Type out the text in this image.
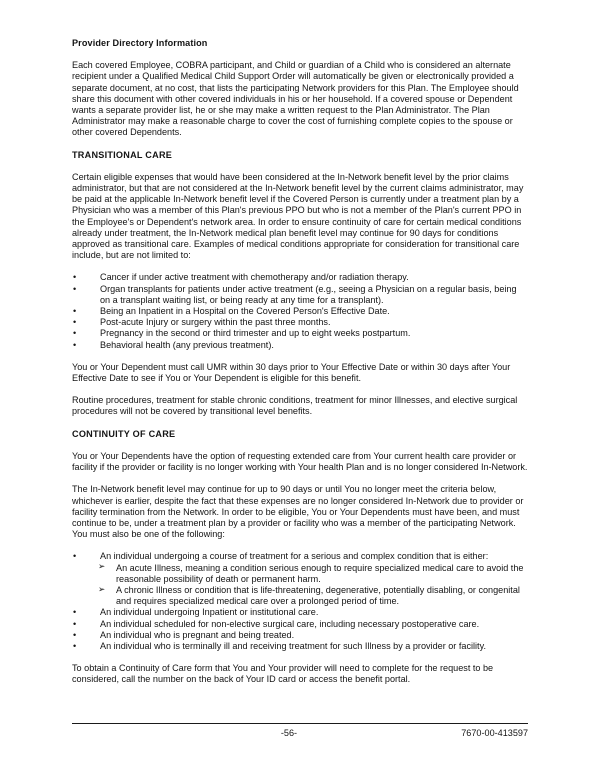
Provider Directory Information

Each covered Employee, COBRA participant, and Child or guardian of a Child who is considered an alternate recipient under a Qualified Medical Child Support Order will automatically be given or electronically provided a separate document, at no cost, that lists the participating Network providers for this Plan. The Employee should share this document with other covered individuals in his or her household. If a covered spouse or Dependent wants a separate provider list, he or she may make a written request to the Plan Administrator. The Plan Administrator may make a reasonable charge to cover the cost of furnishing complete copies to the spouse or other covered Dependents.

TRANSITIONAL CARE

Certain eligible expenses that would have been considered at the In-Network benefit level by the prior claims administrator, but that are not considered at the In-Network benefit level by the current claims administrator, may be paid at the applicable In-Network benefit level if the Covered Person is currently under a treatment plan by a Physician who was a member of this Plan's previous PPO but who is not a member of the Plan's current PPO in the Employee's or Dependent's network area. In order to ensure continuity of care for certain medical conditions already under treatment, the In-Network medical plan benefit level may continue for 90 days for conditions approved as transitional care. Examples of medical conditions appropriate for consideration for transitional care include, but are not limited to:

•	Cancer if under active treatment with chemotherapy and/or radiation therapy.
•	Organ transplants for patients under active treatment (e.g., seeing a Physician on a regular basis, being on a transplant waiting list, or being ready at any time for a transplant).
•	Being an Inpatient in a Hospital on the Covered Person's Effective Date.
•	Post-acute Injury or surgery within the past three months.
•	Pregnancy in the second or third trimester and up to eight weeks postpartum.
•	Behavioral health (any previous treatment).

You or Your Dependent must call UMR within 30 days prior to Your Effective Date or within 30 days after Your Effective Date to see if You or Your Dependent is eligible for this benefit.

Routine procedures, treatment for stable chronic conditions, treatment for minor Illnesses, and elective surgical procedures will not be covered by transitional level benefits.

CONTINUITY OF CARE

You or Your Dependents have the option of requesting extended care from Your current health care provider or facility if the provider or facility is no longer working with Your health Plan and is no longer considered In-Network.

The In-Network benefit level may continue for up to 90 days or until You no longer meet the criteria below, whichever is earlier, despite the fact that these expenses are no longer considered In-Network due to provider or facility termination from the Network. In order to be eligible, You or Your Dependents must have been, and must continue to be, under a treatment plan by a provider or facility who was a member of the participating Network. You must also be one of the following:

•	An individual undergoing a course of treatment for a serious and complex condition that is either:
➢ An acute Illness, meaning a condition serious enough to require specialized medical care to avoid the reasonable possibility of death or permanent harm.
➢ A chronic Illness or condition that is life-threatening, degenerative, potentially disabling, or congenital and requires specialized medical care over a prolonged period of time.
•	An individual undergoing Inpatient or institutional care.
•	An individual scheduled for non-elective surgical care, including necessary postoperative care.
•	An individual who is pregnant and being treated.
•	An individual who is terminally ill and receiving treatment for such Illness by a provider or facility.

To obtain a Continuity of Care form that You and Your provider will need to complete for the request to be considered, call the number on the back of Your ID card or access the benefit portal.

-56-	7670-00-413597
